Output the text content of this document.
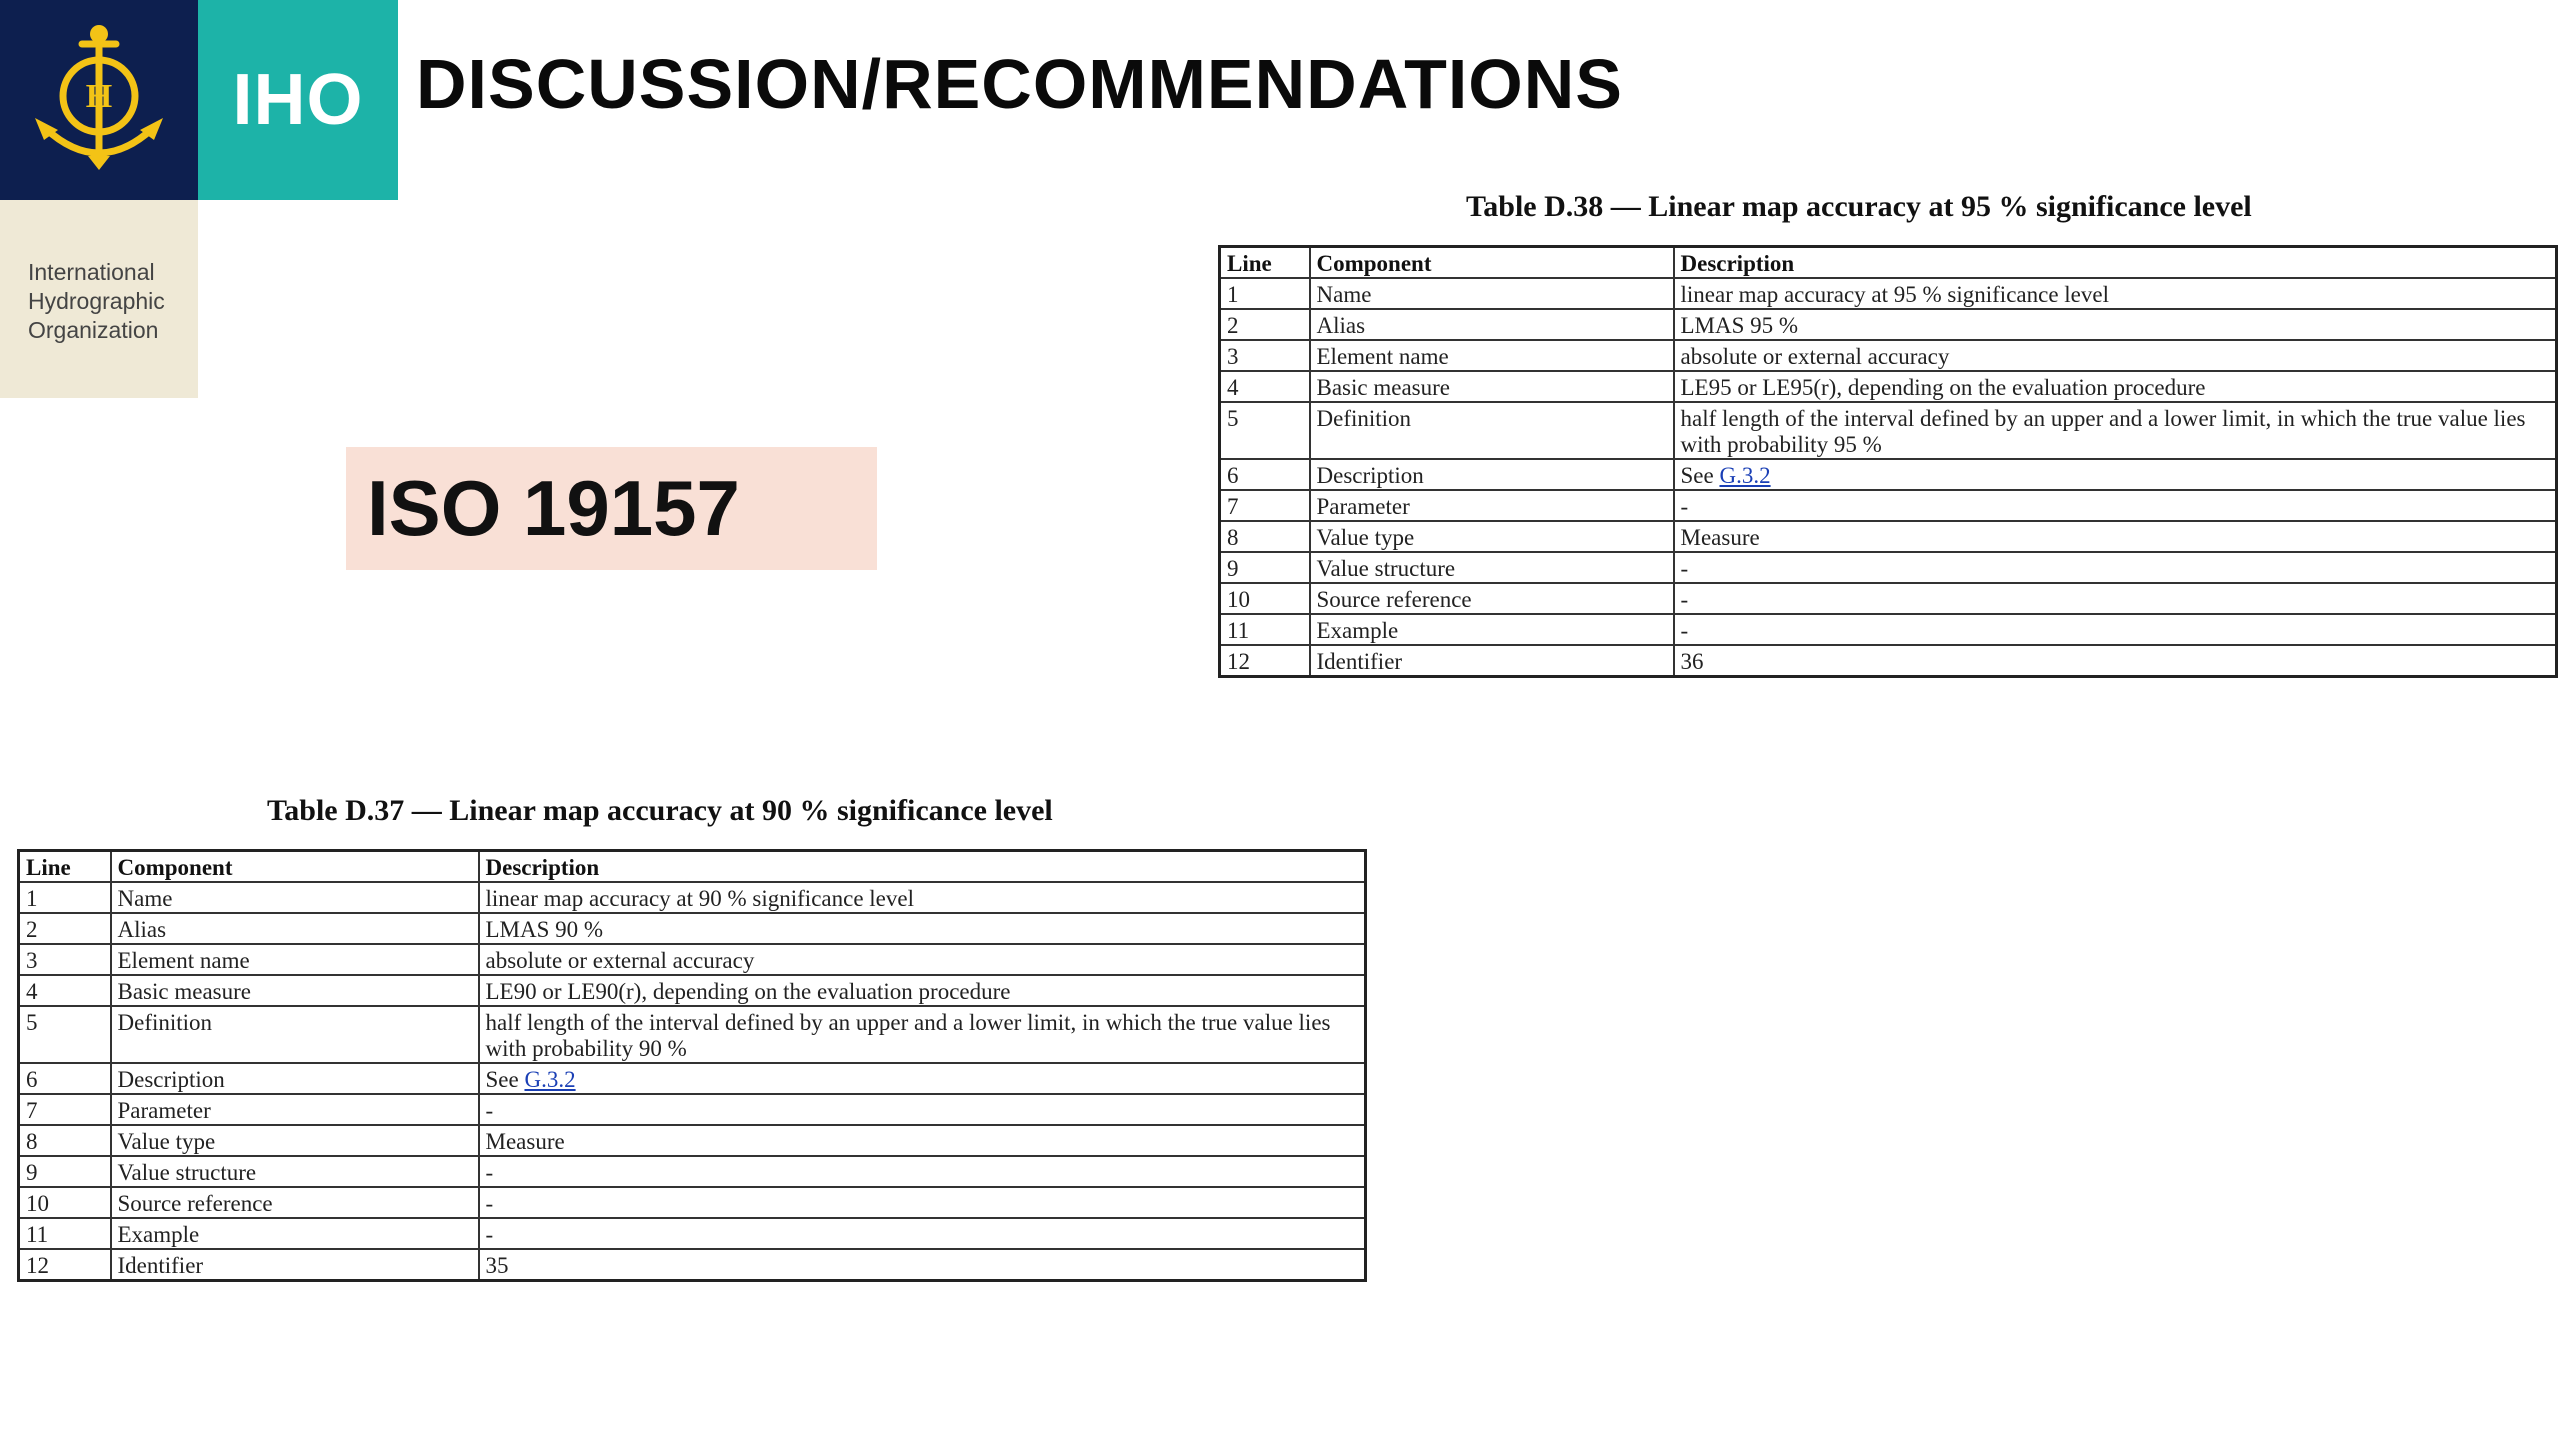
H IHO
International
Hydrographic
Organization
DISCUSSION/RECOMMENDATIONS
ISO 19157
Table D.38 — Linear map accuracy at 95 % significance level
Line	Component	Description
1	Name	linear map accuracy at 95 % significance level
2	Alias	LMAS 95 %
3	Element name	absolute or external accuracy
4	Basic measure	LE95 or LE95(r), depending on the evaluation procedure
5	Definition	half length of the interval defined by an upper and a lower limit, in which the true value lies with probability 95 %
6	Description	See G.3.2
7	Parameter	-
8	Value type	Measure
9	Value structure	-
10	Source reference	-
11	Example	-
12	Identifier	36
Table D.37 — Linear map accuracy at 90 % significance level
Line	Component	Description
1	Name	linear map accuracy at 90 % significance level
2	Alias	LMAS 90 %
3	Element name	absolute or external accuracy
4	Basic measure	LE90 or LE90(r), depending on the evaluation procedure
5	Definition	half length of the interval defined by an upper and a lower limit, in which the true value lies with probability 90 %
6	Description	See G.3.2
7	Parameter	-
8	Value type	Measure
9	Value structure	-
10	Source reference	-
11	Example	-
12	Identifier	35
